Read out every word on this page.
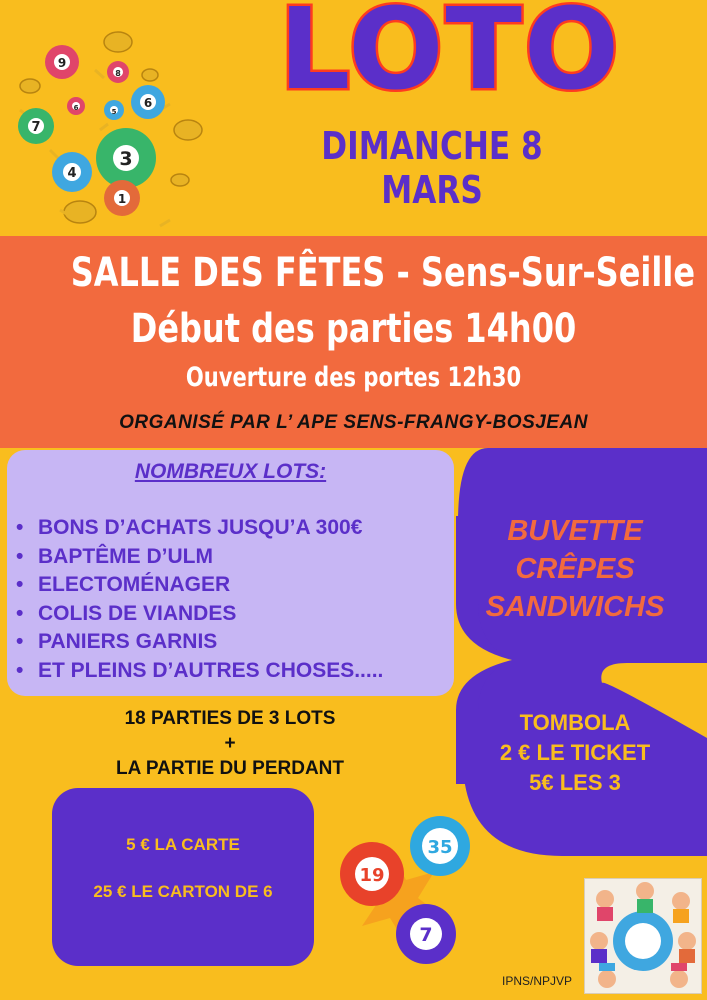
9
8
6
5
6
7
3
4
1
LOTO
DIMANCHE 8 MARS
SALLE DES FÊTES - Sens-Sur-Seille
Début des parties 14h00
Ouverture des portes 12h30
ORGANISÉ PAR L’ APE SENS-FRANGY-BOSJEAN
NOMBREUX LOTS:
• BONS D’ACHATS JUSQU’A 300€
• BAPTÊME D’ULM
• ELECTOMÉNAGER
• COLIS DE VIANDES
• PANIERS GARNIS
• ET PLEINS D’AUTRES CHOSES.....
BUVETTE
CRÊPES
SANDWICHS
TOMBOLA
2 € LE TICKET
5€ LES 3
18 PARTIES DE 3 LOTS
+
LA PARTIE DU PERDANT
5 € LA CARTE
25 € LE CARTON DE 6
19
35
7
IPNS/NPJVP
